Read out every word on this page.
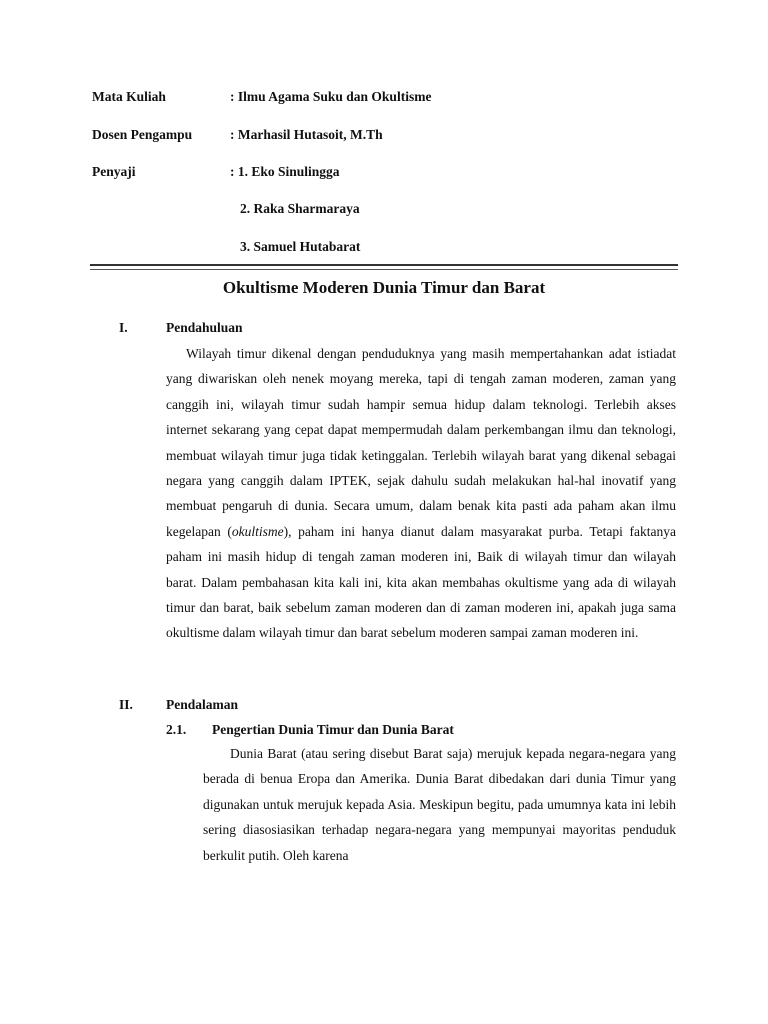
Mata Kuliah	: Ilmu Agama Suku dan Okultisme
Dosen Pengampu	: Marhasil Hutasoit, M.Th
Penyaji	: 1. Eko Sinulingga
2. Raka Sharmaraya
3. Samuel Hutabarat
Okultisme Moderen Dunia Timur dan Barat
I.	Pendahuluan

Wilayah timur dikenal dengan penduduknya yang masih mempertahankan adat istiadat yang diwariskan oleh nenek moyang mereka, tapi di tengah zaman moderen, zaman yang canggih ini, wilayah timur sudah hampir semua hidup dalam teknologi. Terlebih akses internet sekarang yang cepat dapat mempermudah dalam perkembangan ilmu dan teknologi, membuat wilayah timur juga tidak ketinggalan. Terlebih wilayah barat yang dikenal sebagai negara yang canggih dalam IPTEK, sejak dahulu sudah melakukan hal-hal inovatif yang membuat pengaruh di dunia. Secara umum, dalam benak kita pasti ada paham akan ilmu kegelapan (okultisme), paham ini hanya dianut dalam masyarakat purba. Tetapi faktanya paham ini masih hidup di tengah zaman moderen ini, Baik di wilayah timur dan wilayah barat. Dalam pembahasan kita kali ini, kita akan membahas okultisme yang ada di wilayah timur dan barat, baik sebelum zaman moderen dan di zaman moderen ini, apakah juga sama okultisme dalam wilayah timur dan barat sebelum moderen sampai zaman moderen ini.

II. Pendalaman
2.1. Pengertian Dunia Timur dan Dunia Barat

Dunia Barat (atau sering disebut Barat saja) merujuk kepada negara-negara yang berada di benua Eropa dan Amerika. Dunia Barat dibedakan dari dunia Timur yang digunakan untuk merujuk kepada Asia. Meskipun begitu, pada umumnya kata ini lebih sering diasosiasikan terhadap negara-negara yang mempunyai mayoritas penduduk berkulit putih. Oleh karena
